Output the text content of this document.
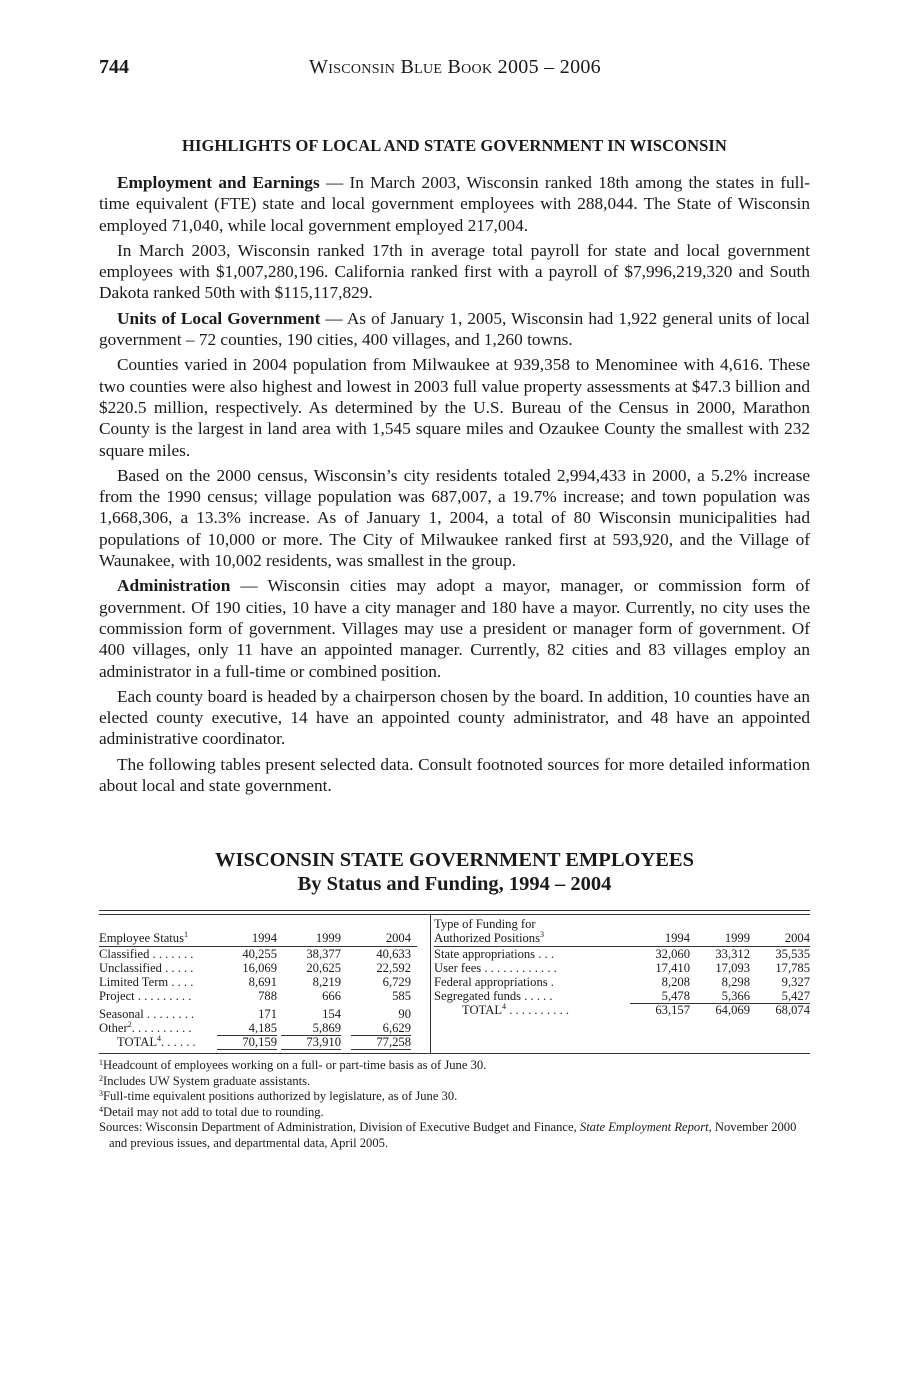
744	Wisconsin Blue Book 2005 – 2006
HIGHLIGHTS OF LOCAL AND STATE GOVERNMENT IN WISCONSIN

Employment and Earnings — In March 2003, Wisconsin ranked 18th among the states in full-time equivalent (FTE) state and local government employees with 288,044. The State of Wisconsin employed 71,040, while local government employed 217,004.

In March 2003, Wisconsin ranked 17th in average total payroll for state and local government employees with $1,007,280,196. California ranked first with a payroll of $7,996,219,320 and South Dakota ranked 50th with $115,117,829.

Units of Local Government — As of January 1, 2005, Wisconsin had 1,922 general units of local government – 72 counties, 190 cities, 400 villages, and 1,260 towns.

Counties varied in 2004 population from Milwaukee at 939,358 to Menominee with 4,616. These two counties were also highest and lowest in 2003 full value property assessments at $47.3 billion and $220.5 million, respectively. As determined by the U.S. Bureau of the Census in 2000, Marathon County is the largest in land area with 1,545 square miles and Ozaukee County the smallest with 232 square miles.

Based on the 2000 census, Wisconsin’s city residents totaled 2,994,433 in 2000, a 5.2% increase from the 1990 census; village population was 687,007, a 19.7% increase; and town population was 1,668,306, a 13.3% increase. As of January 1, 2004, a total of 80 Wisconsin municipalities had populations of 10,000 or more. The City of Milwaukee ranked first at 593,920, and the Village of Waunakee, with 10,002 residents, was smallest in the group.

Administration — Wisconsin cities may adopt a mayor, manager, or commission form of government. Of 190 cities, 10 have a city manager and 180 have a mayor. Currently, no city uses the commission form of government. Villages may use a president or manager form of government. Of 400 villages, only 11 have an appointed manager. Currently, 82 cities and 83 villages employ an administrator in a full-time or combined position.

Each county board is headed by a chairperson chosen by the board. In addition, 10 counties have an elected county executive, 14 have an appointed county administrator, and 48 have an appointed administrative coordinator.

The following tables present selected data. Consult footnoted sources for more detailed information about local and state government.

WISCONSIN STATE GOVERNMENT EMPLOYEES
By Status and Funding, 1994 – 2004
Employee Status$^1$	1994	1999	2004
Classified . . . . . . .	40,255	38,377	40,633
Unclassified . . . . .	16,069	20,625	22,592
Limited Term . . . .	8,691	8,219	6,729
Project . . . . . . . . .	788	666	585
Seasonal . . . . . . . .	171	154	90
Other$^2$. . . . . . . . . .	4,185	5,869	6,629
TOTAL$^4$. . . . . .	70,159	73,910	77,258
Type of Funding for
Authorized Positions$^3$	1994	1999	2004
State appropriations . . .	32,060	33,312	35,535
User fees . . . . . . . . . . . .	17,410	17,093	17,785
Federal appropriations .	8,208	8,298	9,327
Segregated funds . . . . .	5,478	5,366	5,427
TOTAL$^4$ . . . . . . . . . .	63,157	64,069	68,074
$^1$Headcount of employees working on a full- or part-time basis as of June 30.
$^2$Includes UW System graduate assistants.
$^3$Full-time equivalent positions authorized by legislature, as of June 30.
$^4$Detail may not add to total due to rounding.
Sources: Wisconsin Department of Administration, Division of Executive Budget and Finance, State Employment Report, November 2000 and previous issues, and departmental data, April 2005.
